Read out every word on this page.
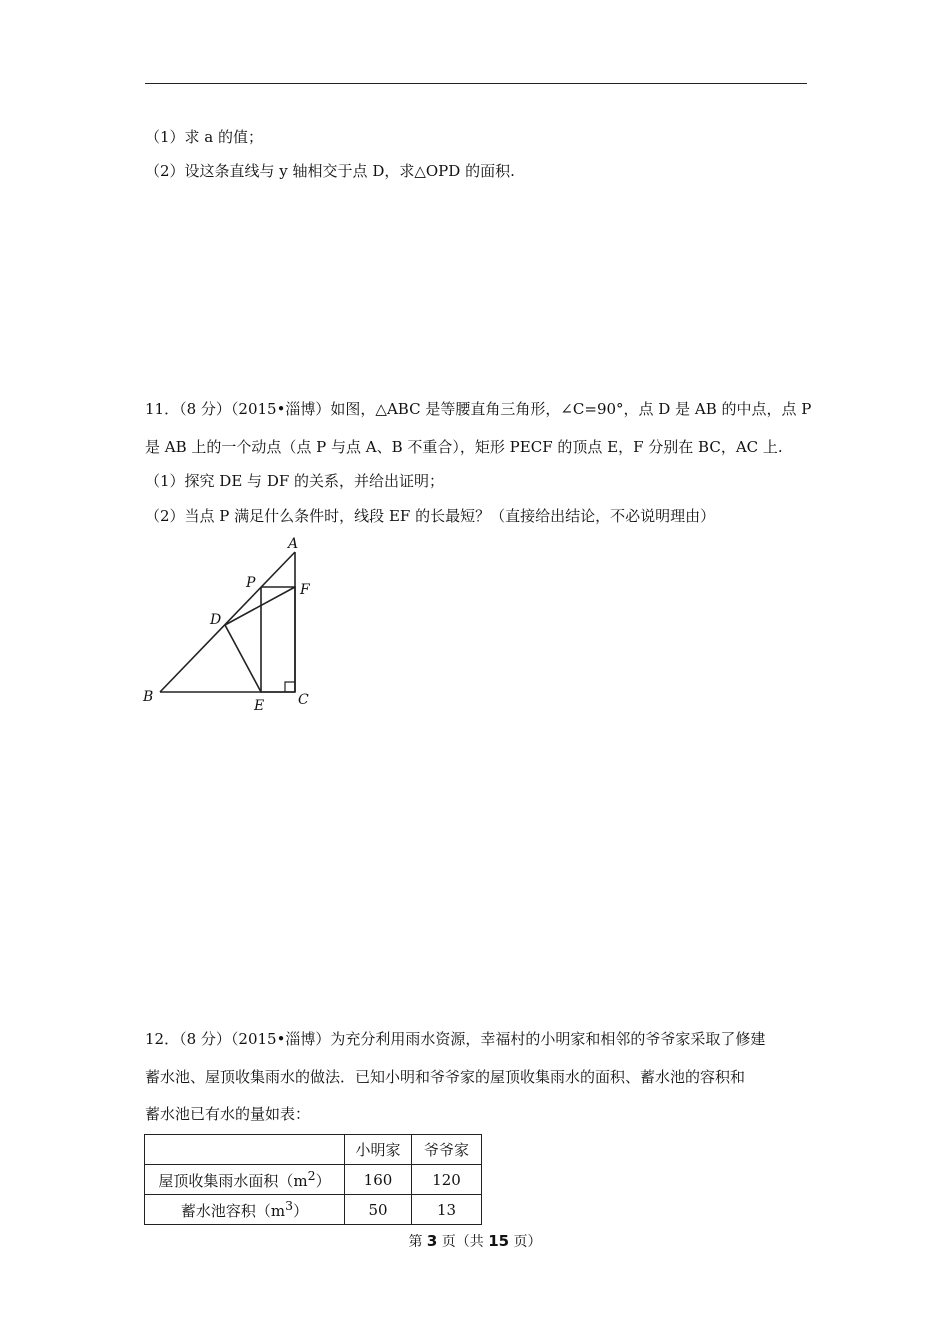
（1）求 a 的值；
（2）设这条直线与 y 轴相交于点 D，求△OPD 的面积.
11．（8 分）（2015•淄博）如图，△ABC 是等腰直角三角形，∠C=90°，点 D 是 AB 的中点，点 P
是 AB 上的一个动点（点 P 与点 A、B 不重合），矩形 PECF 的顶点 E，F 分别在 BC，AC 上.
（1）探究 DE 与 DF 的关系，并给出证明；
（2）当点 P 满足什么条件时，线段 EF 的长最短？（直接给出结论，不必说明理由）
A
P	F
D
B
E C
12．（8 分）（2015•淄博）为充分利用雨水资源，幸福村的小明家和相邻的爷爷家采取了修建
蓄水池、屋顶收集雨水的做法．已知小明和爷爷家的屋顶收集雨水的面积、蓄水池的容积和
蓄水池已有水的量如表：
	小明家	爷爷家
屋顶收集雨水面积$(m^2)$	160	120
蓄水池容积$(m^3)$	50	13
第 3 页（共 15 页）
